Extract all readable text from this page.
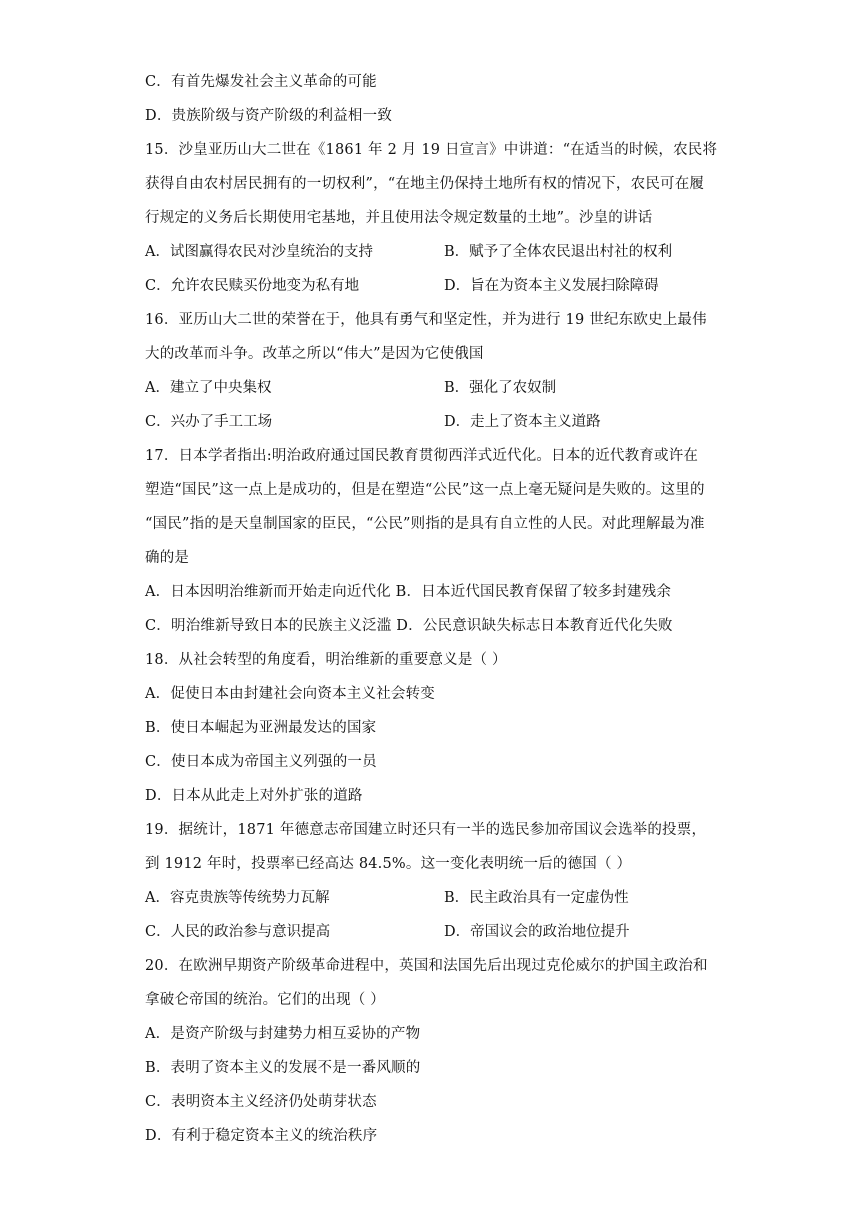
C．有首先爆发社会主义革命的可能
D．贵族阶级与资产阶级的利益相一致
15．沙皇亚历山大二世在《1861 年 2 月 19 日宣言》中讲道：“在适当的时候，农民将
获得自由农村居民拥有的一切权利”，“在地主仍保持土地所有权的情况下，农民可在履
行规定的义务后长期使用宅基地，并且使用法令规定数量的土地”。沙皇的讲话
A．试图赢得农民对沙皇统治的支持	B．赋予了全体农民退出村社的权利
C．允许农民赎买份地变为私有地	D．旨在为资本主义发展扫除障碍
16．亚历山大二世的荣誉在于，他具有勇气和坚定性，并为进行 19 世纪东欧史上最伟
大的改革而斗争。改革之所以“伟大”是因为它使俄国
A．建立了中央集权	B．强化了农奴制
C．兴办了手工工场	D．走上了资本主义道路
17．日本学者指出:明治政府通过国民教育贯彻西洋式近代化。日本的近代教育或许在
塑造“国民”这一点上是成功的，但是在塑造“公民”这一点上毫无疑问是失败的。这里的
“国民”指的是天皇制国家的臣民，“公民”则指的是具有自立性的人民。对此理解最为准
确的是
A．日本因明治维新而开始走向近代化 B．日本近代国民教育保留了较多封建残余
C．明治维新导致日本的民族主义泛滥 D．公民意识缺失标志日本教育近代化失败
18．从社会转型的角度看，明治维新的重要意义是（ ）
A．促使日本由封建社会向资本主义社会转变
B．使日本崛起为亚洲最发达的国家
C．使日本成为帝国主义列强的一员
D．日本从此走上对外扩张的道路
19．据统计，1871 年德意志帝国建立时还只有一半的选民参加帝国议会选举的投票，
到 1912 年时，投票率已经高达 84.5%。这一变化表明统一后的德国（ ）
A．容克贵族等传统势力瓦解	B．民主政治具有一定虚伪性
C．人民的政治参与意识提高	D．帝国议会的政治地位提升
20．在欧洲早期资产阶级革命进程中，英国和法国先后出现过克伦威尔的护国主政治和
拿破仑帝国的统治。它们的出现（ ）
A．是资产阶级与封建势力相互妥协的产物
B．表明了资本主义的发展不是一番风顺的
C．表明资本主义经济仍处萌芽状态
D．有利于稳定资本主义的统治秩序
